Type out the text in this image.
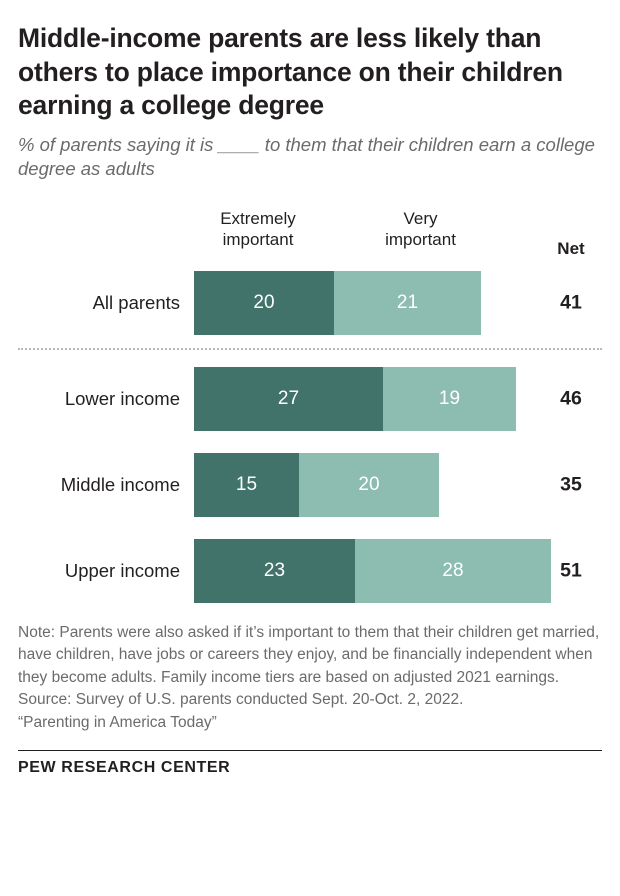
Middle-income parents are less likely than others to place importance on their children earning a college degree

% of parents saying it is ____ to them that their children earn a college degree as adults

Extremely
important
Very
important	Net
All parents	20	21	41
Lower income	27	19	46
Middle income	15	20	35
Upper income	23	28	51

Note: Parents were also asked if it’s important to them that their children get married, have children, have jobs or careers they enjoy, and be financially independent when they become adults. Family income tiers are based on adjusted 2021 earnings.

Source: Survey of U.S. parents conducted Sept. 20-Oct. 2, 2022.

“Parenting in America Today”

PEW RESEARCH CENTER
